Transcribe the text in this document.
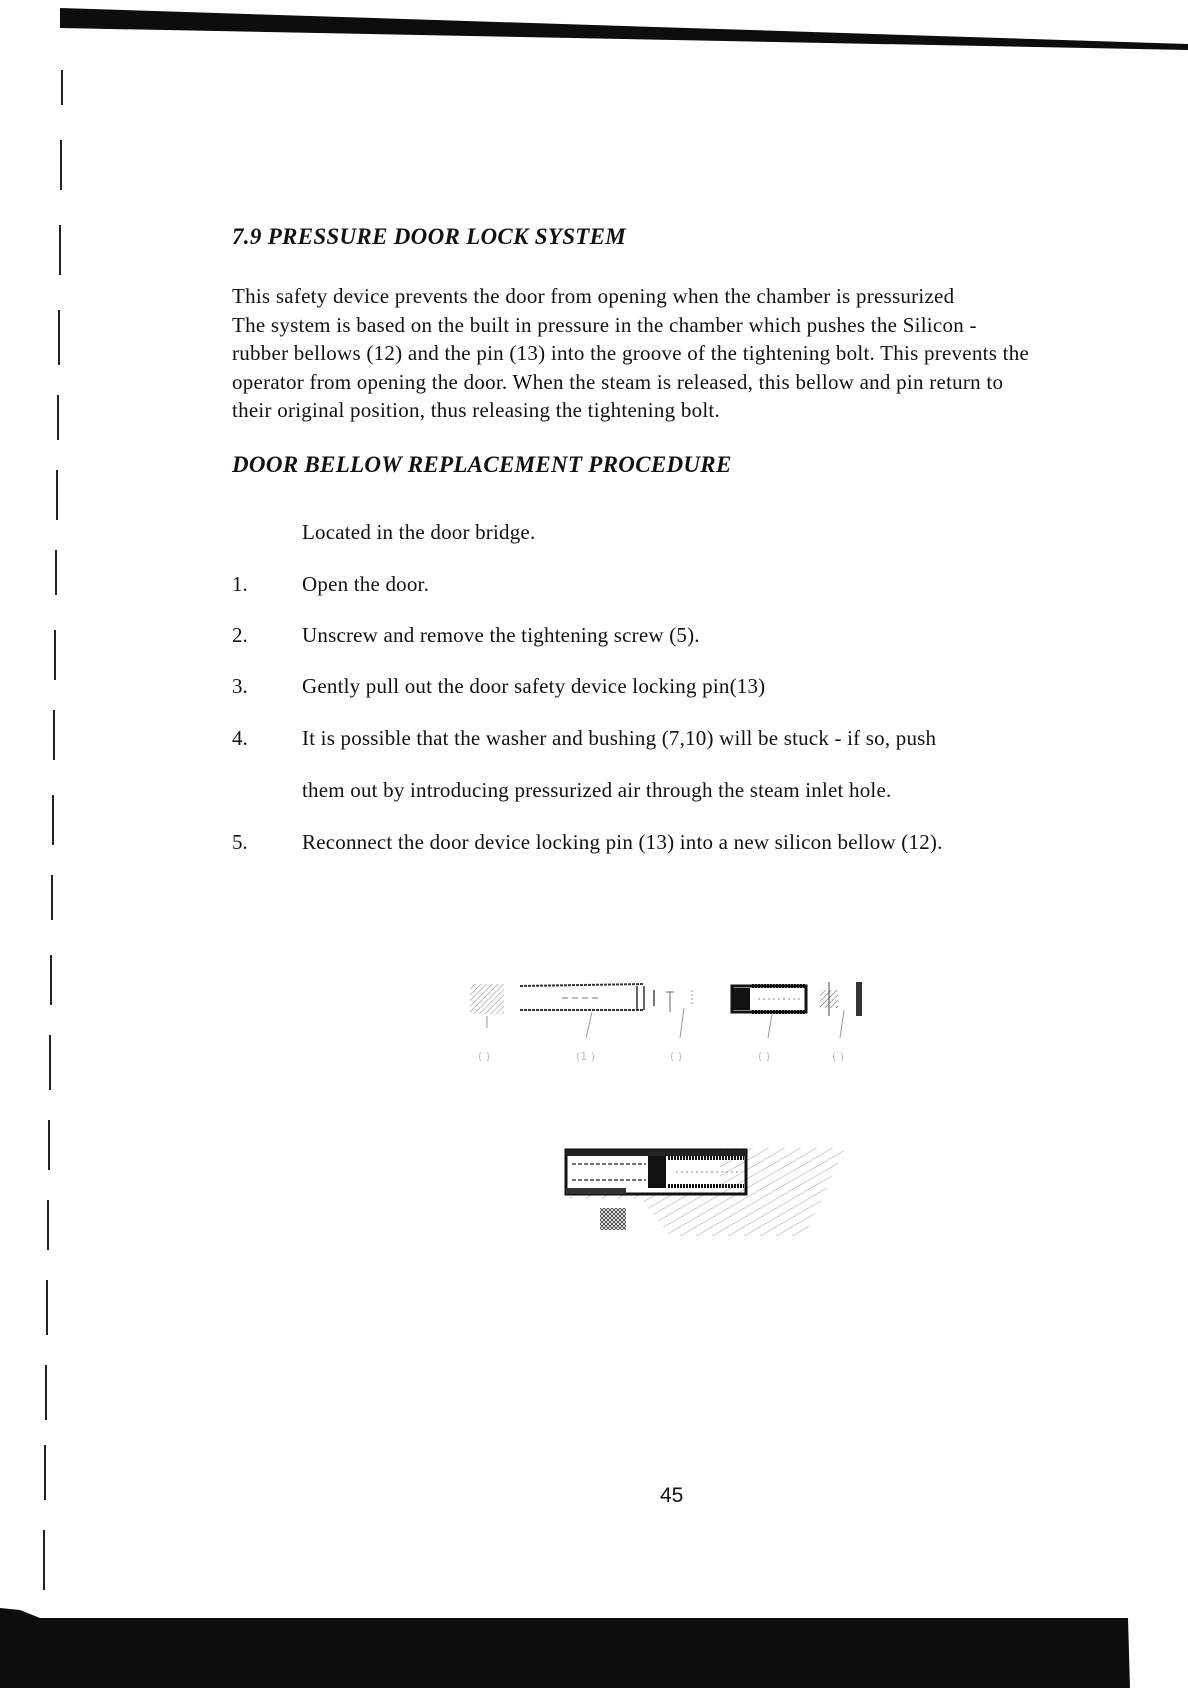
7.9 PRESSURE DOOR LOCK SYSTEM
This safety device prevents the door from opening when the chamber is pressurized
The system is based on the built in pressure in the chamber which pushes the Silicon -
rubber bellows (12) and the pin (13) into the groove of the tightening bolt. This prevents the
operator from opening the door. When the steam is released, this bellow and pin return to
their original position, thus releasing the tightening bolt.
DOOR BELLOW REPLACEMENT PROCEDURE
Located in the door bridge.
1.	Open the door.
2.	Unscrew and remove the tightening screw (5).
3.	Gently pull out the door safety device locking pin(13)
4.	It is possible that the washer and bushing (7,10) will be stuck - if so, push
them out by introducing pressurized air through the steam inlet hole.
5.	Reconnect the door device locking pin (13) into a new silicon bellow (12).
( )	(1 )	( )	( )	( )
45
